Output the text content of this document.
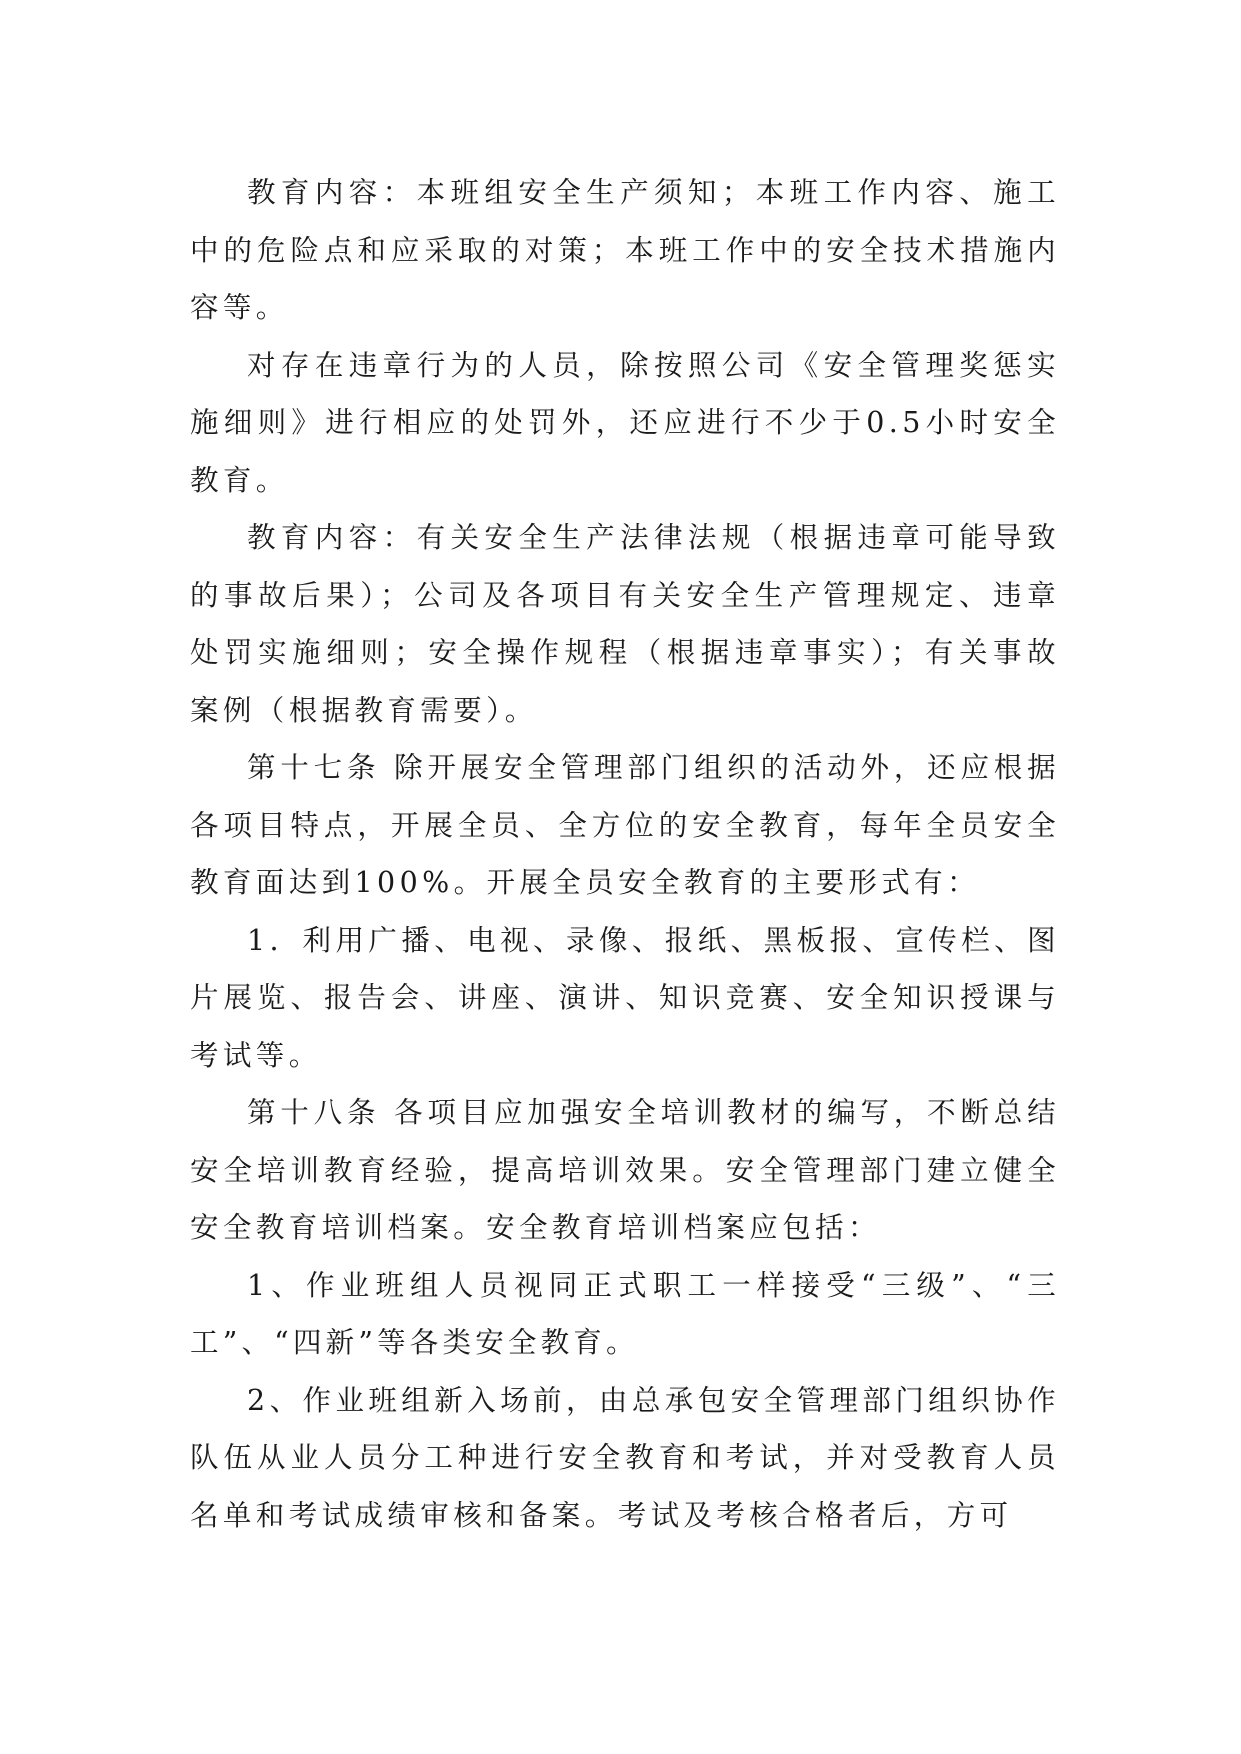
教育内容：本班组安全生产须知；本班工作内容、施工中的危险点和应采取的对策；本班工作中的安全技术措施内容等。

对存在违章行为的人员，除按照公司《安全管理奖惩实施细则》进行相应的处罚外，还应进行不少于0.5小时安全教育。

教育内容：有关安全生产法律法规（根据违章可能导致的事故后果）；公司及各项目有关安全生产管理规定、违章处罚实施细则；安全操作规程（根据违章事实）；有关事故案例（根据教育需要）。

第十七条 除开展安全管理部门组织的活动外，还应根据各项目特点，开展全员、全方位的安全教育，每年全员安全教育面达到100%。开展全员安全教育的主要形式有：

1．利用广播、电视、录像、报纸、黑板报、宣传栏、图片展览、报告会、讲座、演讲、知识竞赛、安全知识授课与考试等。

第十八条 各项目应加强安全培训教材的编写，不断总结安全培训教育经验，提高培训效果。安全管理部门建立健全安全教育培训档案。安全教育培训档案应包括：

1、作业班组人员视同正式职工一样接受“三级”、“三工”、“四新”等各类安全教育。

2、作业班组新入场前，由总承包安全管理部门组织协作队伍从业人员分工种进行安全教育和考试，并对受教育人员名单和考试成绩审核和备案。考试及考核合格者后，方可
